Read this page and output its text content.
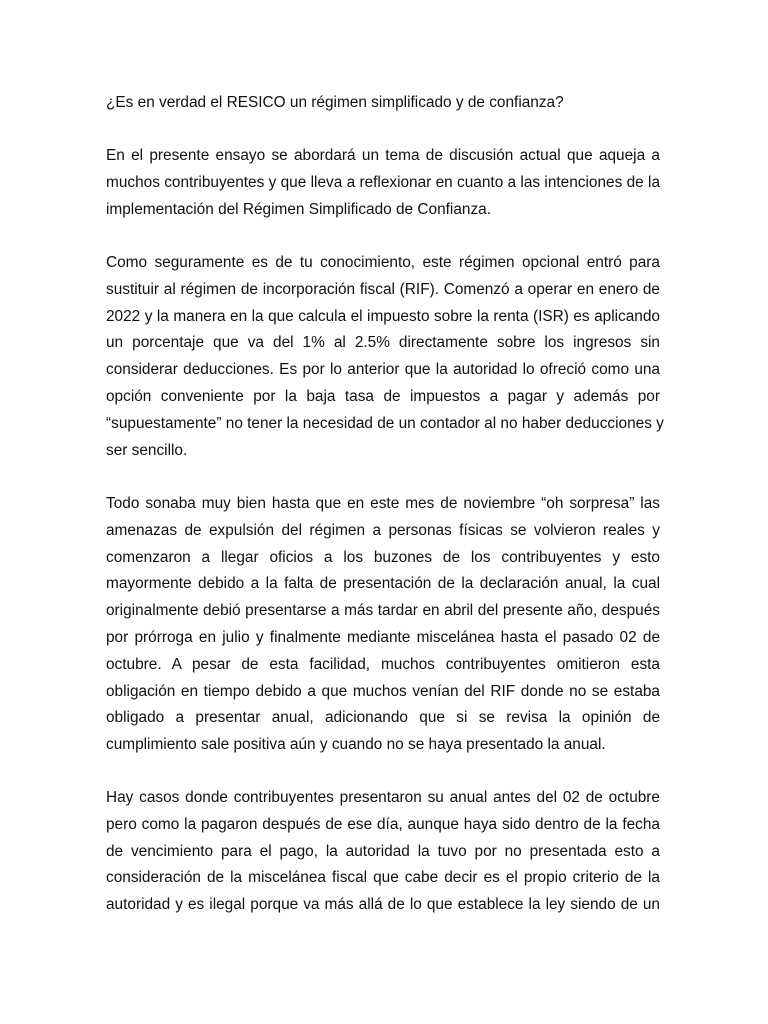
¿Es en verdad el RESICO un régimen simplificado y de confianza?
En el presente ensayo se abordará un tema de discusión actual que aqueja a
muchos contribuyentes y que lleva a reflexionar en cuanto a las intenciones de la
implementación del Régimen Simplificado de Confianza.
Como seguramente es de tu conocimiento, este régimen opcional entró para
sustituir al régimen de incorporación fiscal (RIF). Comenzó a operar en enero de
2022 y la manera en la que calcula el impuesto sobre la renta (ISR) es aplicando
un porcentaje que va del 1% al 2.5% directamente sobre los ingresos sin
considerar deducciones. Es por lo anterior que la autoridad lo ofreció como una
opción conveniente por la baja tasa de impuestos a pagar y además por
“supuestamente” no tener la necesidad de un contador al no haber deducciones y
ser sencillo.
Todo sonaba muy bien hasta que en este mes de noviembre “oh sorpresa” las
amenazas de expulsión del régimen a personas físicas se volvieron reales y
comenzaron a llegar oficios a los buzones de los contribuyentes y esto
mayormente debido a la falta de presentación de la declaración anual, la cual
originalmente debió presentarse a más tardar en abril del presente año, después
por prórroga en julio y finalmente mediante miscelánea hasta el pasado 02 de
octubre. A pesar de esta facilidad, muchos contribuyentes omitieron esta
obligación en tiempo debido a que muchos venían del RIF donde no se estaba
obligado a presentar anual, adicionando que si se revisa la opinión de
cumplimiento sale positiva aún y cuando no se haya presentado la anual.
Hay casos donde contribuyentes presentaron su anual antes del 02 de octubre
pero como la pagaron después de ese día, aunque haya sido dentro de la fecha
de vencimiento para el pago, la autoridad la tuvo por no presentada esto a
consideración de la miscelánea fiscal que cabe decir es el propio criterio de la
autoridad y es ilegal porque va más allá de lo que establece la ley siendo de un
